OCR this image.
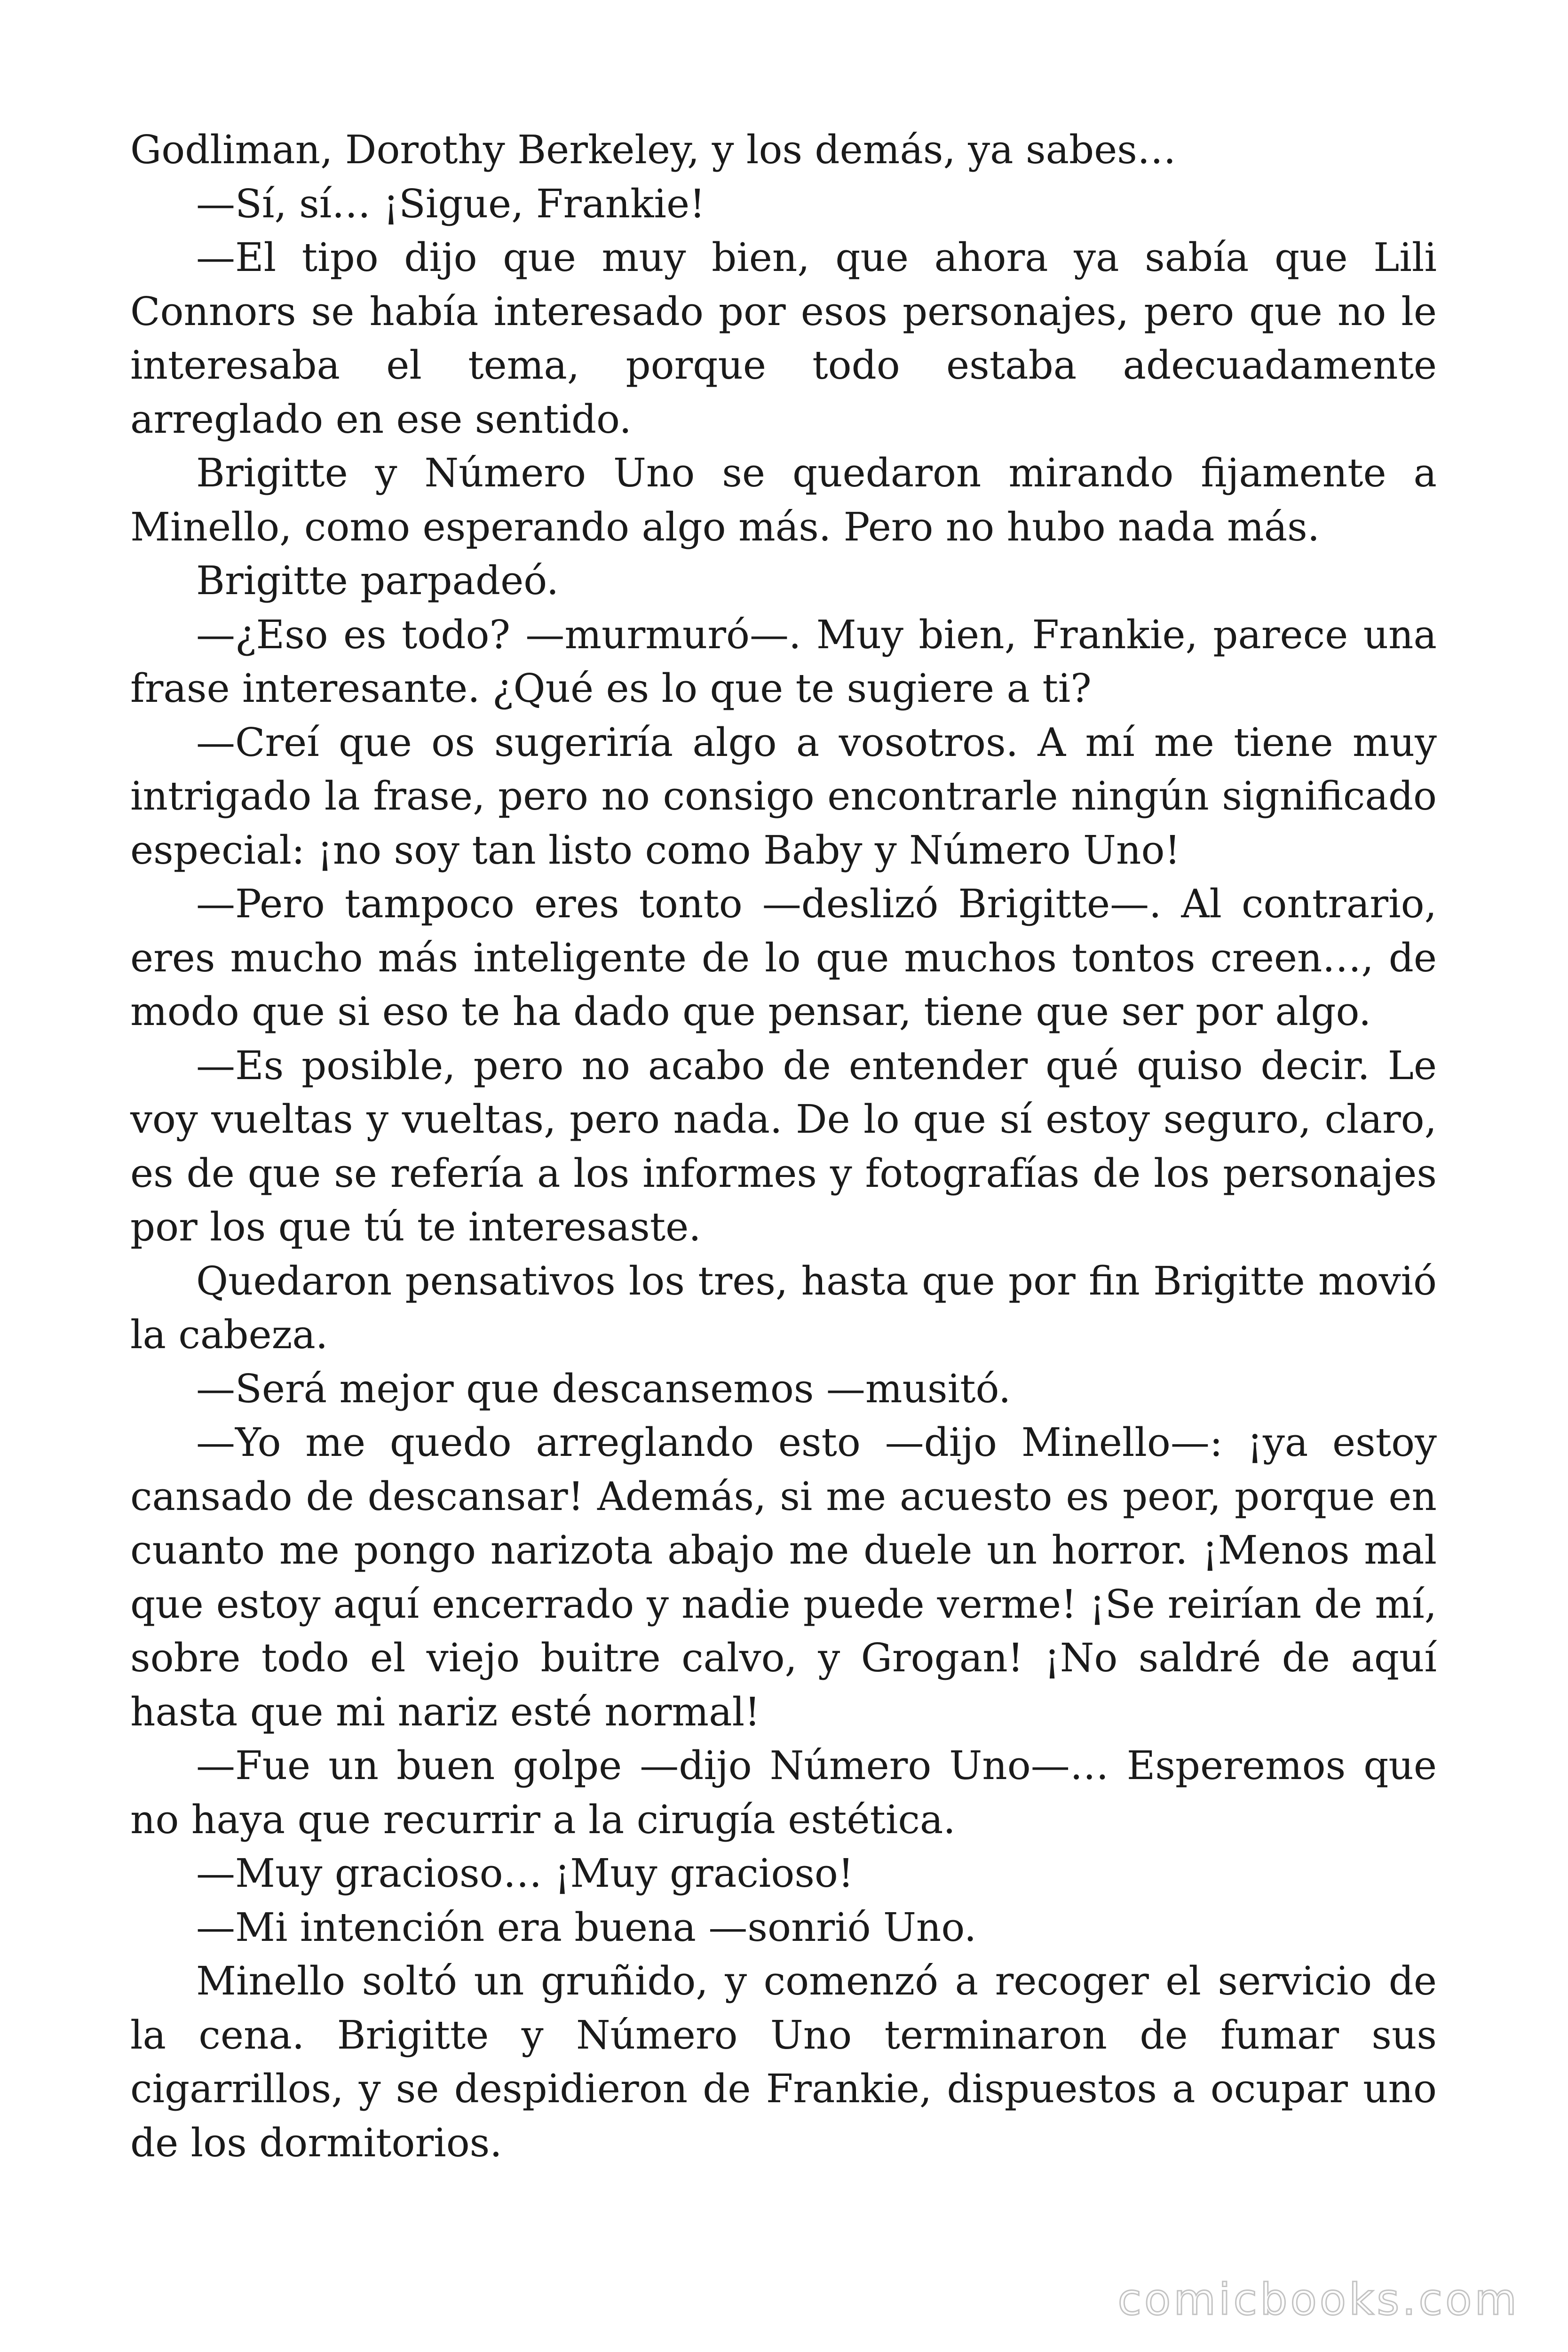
Godliman, Dorothy Berkeley, y los demás, ya sabes…

—Sí, sí… ¡Sigue, Frankie!

—El tipo dijo que muy bien, que ahora ya sabía que Lili Connors se había interesado por esos personajes, pero que no le interesaba el tema, porque todo estaba adecuadamente arreglado en ese sentido.

Brigitte y Número Uno se quedaron mirando fijamente a Minello, como esperando algo más. Pero no hubo nada más.

Brigitte parpadeó.

—¿Eso es todo? —murmuró—. Muy bien, Frankie, parece una frase interesante. ¿Qué es lo que te sugiere a ti?

—Creí que os sugeriría algo a vosotros. A mí me tiene muy intrigado la frase, pero no consigo encontrarle ningún significado especial: ¡no soy tan listo como Baby y Número Uno!

—Pero tampoco eres tonto —deslizó Brigitte—. Al contrario, eres mucho más inteligente de lo que muchos tontos creen…, de modo que si eso te ha dado que pensar, tiene que ser por algo.

—Es posible, pero no acabo de entender qué quiso decir. Le voy vueltas y vueltas, pero nada. De lo que sí estoy seguro, claro, es de que se refería a los informes y fotografías de los personajes por los que tú te interesaste.

Quedaron pensativos los tres, hasta que por fin Brigitte movió la cabeza.

—Será mejor que descansemos —musitó.

—Yo me quedo arreglando esto —dijo Minello—: ¡ya estoy cansado de descansar! Además, si me acuesto es peor, porque en cuanto me pongo narizota abajo me duele un horror. ¡Menos mal que estoy aquí encerrado y nadie puede verme! ¡Se reirían de mí, sobre todo el viejo buitre calvo, y Grogan! ¡No saldré de aquí hasta que mi nariz esté normal!

—Fue un buen golpe —dijo Número Uno—… Esperemos que no haya que recurrir a la cirugía estética.

—Muy gracioso… ¡Muy gracioso!

—Mi intención era buena —sonrió Uno.

Minello soltó un gruñido, y comenzó a recoger el servicio de la cena. Brigitte y Número Uno terminaron de fumar sus cigarrillos, y se despidieron de Frankie, dispuestos a ocupar uno de los dormitorios.

comicbooks.com
